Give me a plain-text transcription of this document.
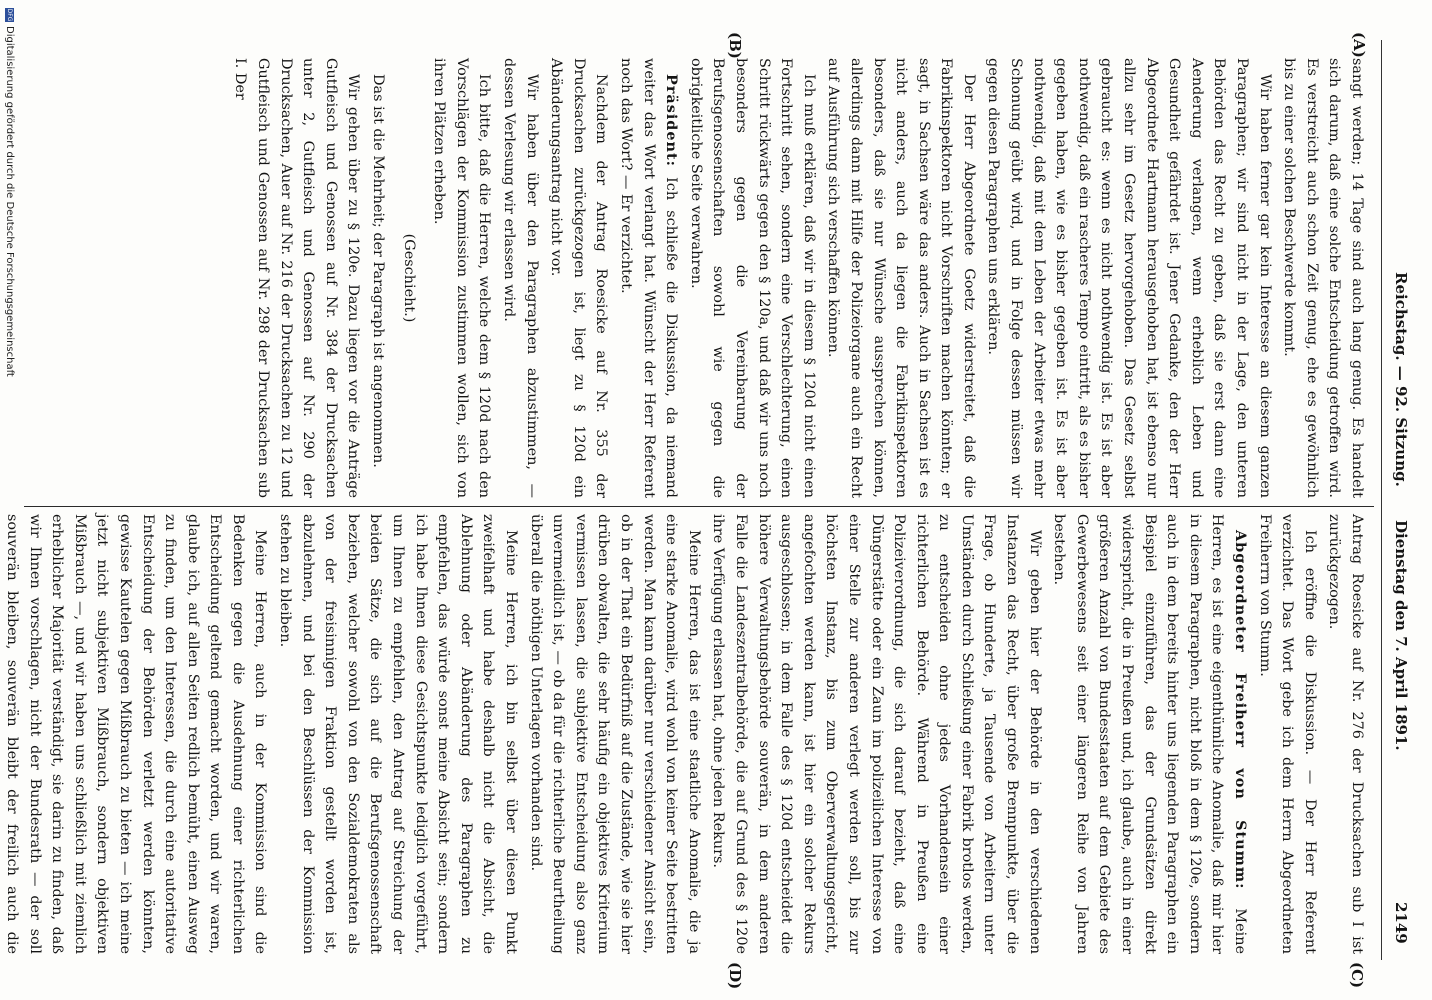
Reichstag. — 92. Sitzung.
Dienstag den 7. April 1891.
2149
(A)
(B)
(C)
(D)

sangt werden; 14 Tage sind auch lang genug. Es handelt sich darum, daß eine solche Entscheidung getroffen wird. Es verstreicht auch schon Zeit genug, ehe es gewöhnlich bis zu einer solchen Beschwerde kommt.

Wir haben ferner gar kein Interesse an diesem ganzen Paragraphen; wir sind nicht in der Lage, den unteren Behörden das Recht zu geben, daß sie erst dann eine Aenderung verlangen, wenn erheblich Leben und Gesundheit gefährdet ist. Jener Gedanke, den der Herr Abgeordnete Hartmann herausgehoben hat, ist ebenso nur allzu sehr im Gesetz hervorgehoben. Das Gesetz selbst gebraucht es: wenn es nicht nothwendig ist. Es ist aber nothwendig, daß ein rascheres Tempo eintritt, als es bisher gegeben haben, wie es bisher gegeben ist. Es ist aber nothwendig, daß mit dem Leben der Arbeiter etwas mehr Schonung geübt wird, und in Folge dessen müssen wir gegen diesen Paragraphen uns erklären.

Der Herr Abgeordnete Goetz widerstreitet, daß die Fabrikinspektoren nicht Vorschriften machen könnten; er sagt, in Sachsen wäre das anders. Auch in Sachsen ist es nicht anders, auch da liegen die Fabrikinspektoren besonders, daß sie nur Wünsche aussprechen können, allerdings dann mit Hilfe der Polizeiorgane auch ein Recht auf Ausführung sich verschaffen können.

Ich muß erklären, daß wir in diesem § 120d nicht einen Fortschritt sehen, sondern eine Verschlechterung, einen Schritt rückwärts gegen den § 120a, und daß wir uns noch besonders gegen die Vereinbarung der Berufsgenossenschaften sowohl wie gegen die obrigkeitliche Seite verwahren.

Präsident: Ich schließe die Diskussion, da niemand weiter das Wort verlangt hat. Wünscht der Herr Referent noch das Wort? — Er verzichtet.

Nachdem der Antrag Roesicke auf Nr. 355 der Drucksachen zurückgezogen ist, liegt zu § 120d ein Abänderungsantrag nicht vor.

Wir haben über den Paragraphen abzustimmen, — dessen Verlesung wir erlassen wird.

Ich bitte, daß die Herren, welche dem § 120d nach den Vorschlägen der Kommission zustimmen wollen, sich von ihren Plätzen erheben.

(Geschieht.)

Das ist die Mehrheit; der Paragraph ist angenommen.

Wir gehen über zu § 120e. Dazu liegen vor die Anträge Gutfleisch und Genossen auf Nr. 384 der Drucksachen unter 2, Gutfleisch und Genossen auf Nr. 290 der Drucksachen, Auer auf Nr. 216 der Drucksachen zu 12 und Gutfleisch und Genossen auf Nr. 298 der Drucksachen sub I. Der

Antrag Roesicke auf Nr. 276 der Drucksachen sub I ist zurückgezogen.

Ich eröffne die Diskussion. — Der Herr Referent verzichtet. Das Wort gebe ich dem Herrn Abgeordneten Freiherrn von Stumm.

Abgeordneter Freiherr von Stumm: Meine Herren, es ist eine eigenthümliche Anomalie, daß mir hier in diesem Paragraphen, nicht bloß in dem § 120e, sondern auch in dem bereits hinter uns liegenden Paragraphen ein Beispiel einzuführen, das der Grundsätzen direkt widerspricht, die in Preußen und, ich glaube, auch in einer größeren Anzahl von Bundesstaaten auf dem Gebiete des Gewerbewesens seit einer längeren Reihe von Jahren bestehen.

Wir geben hier der Behörde in den verschiedenen Instanzen das Recht, über große Brennpunkte, über die Frage, ob Hunderte, ja Tausende von Arbeitern unter Umständen durch Schließung einer Fabrik brotlos werden, zu entscheiden ohne jedes Vorhandensein einer richterlichen Behörde. Während in Preußen eine Polizeiverordnung, die sich darauf bezieht, daß eine Düngerstätte oder ein Zaun im polizeilichen Interesse von einer Stelle zur anderen verlegt werden soll, bis zur höchsten Instanz, bis zum Oberverwaltungsgericht, angefochten werden kann, ist hier ein solcher Rekurs ausgeschlossen; in dem Falle des § 120d entscheidet die höhere Verwaltungsbehörde souverän, in dem anderen Falle die Landeszentralbehörde, die auf Grund des § 120e ihre Verfügung erlassen hat, ohne jeden Rekurs.

Meine Herren, das ist eine staatliche Anomalie, die ja eine starke Anomalie, wird wohl von keiner Seite bestritten werden. Man kann darüber nur verschiedener Ansicht sein, ob in der That ein Bedürfniß auf die Zustände, wie sie hier drüben obwalten, die sehr häufig ein objektives Kriterium vermissen lassen, die subjektive Entscheidung also ganz unvermeidlich ist, — ob da für die richterliche Beurtheilung überall die nöthigen Unterlagen vorhanden sind.

Meine Herren, ich bin selbst über diesen Punkt zweifelhaft und habe deshalb nicht die Absicht, die Ablehnung oder Abänderung des Paragraphen zu empfehlen, das würde sonst meine Absicht sein; sondern ich habe Ihnen diese Gesichtspunkte lediglich vorgeführt, um Ihnen zu empfehlen, den Antrag auf Streichung der beiden Sätze, die sich auf die Berufsgenossenschaft beziehen, welcher sowohl von den Sozialdemokraten als von der freisinnigen Fraktion gestellt worden ist, abzulehnen, und bei den Beschlüssen der Kommission stehen zu bleiben.

Meine Herren, auch in der Kommission sind die Bedenken gegen die Ausdehnung einer richterlichen Entscheidung geltend gemacht worden, und wir waren, glaube ich, auf allen Seiten redlich bemüht, einen Ausweg zu finden, um den Interessen, die durch eine autoritative Entscheidung der Behörden verletzt werden könnten, gewisse Kautelen gegen Mißbrauch zu bieten — ich meine jetzt nicht subjektiven Mißbrauch, sondern objektiven Mißbrauch —, und wir haben uns schließlich mit ziemlich erheblicher Majorität verständigt, sie darin zu finden, daß wir Ihnen vorschlagen, nicht der Bundesrath — der soll souverän bleiben, souverän bleibt der freilich auch die

DFGDigitalisierung gefördert durch die Deutsche Forschungsgemeinschaft
